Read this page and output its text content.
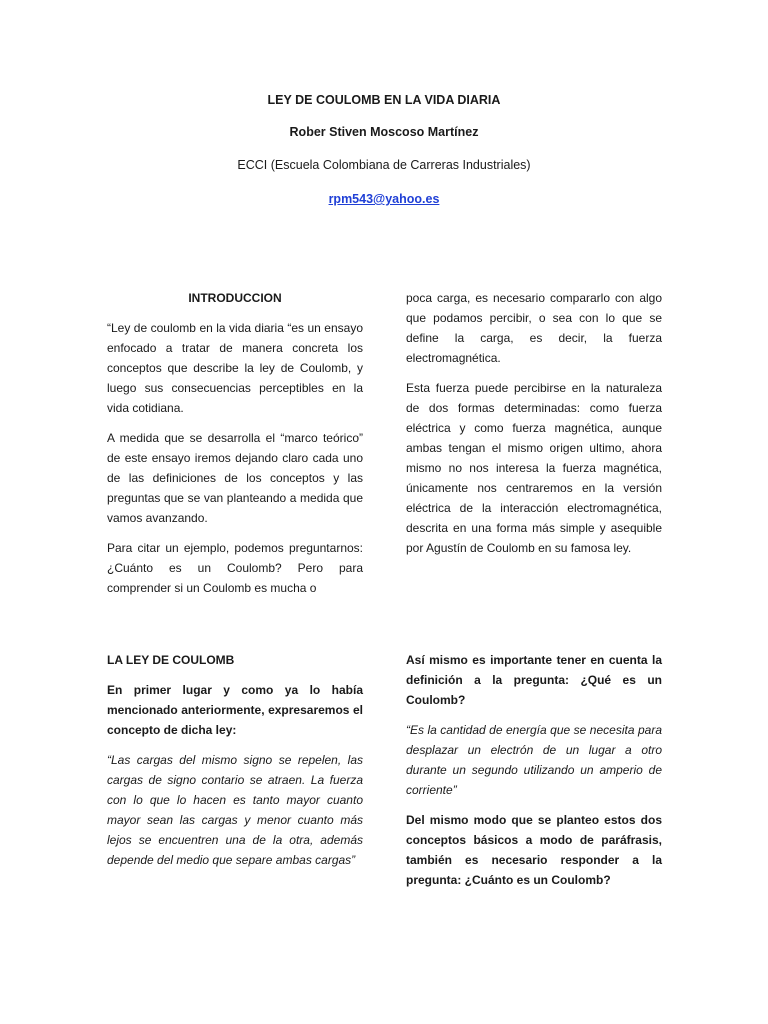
LEY DE COULOMB EN LA VIDA DIARIA
Rober Stiven Moscoso Martínez
ECCI (Escuela Colombiana de Carreras Industriales)
rpm543@yahoo.es
INTRODUCCION

“Ley de coulomb en la vida diaria “es un ensayo enfocado a tratar de manera concreta los conceptos que describe la ley de Coulomb, y luego sus consecuencias perceptibles en la vida cotidiana.

A medida que se desarrolla el “marco teórico” de este ensayo iremos dejando claro cada uno de las definiciones de los conceptos y las preguntas que se van planteando a medida que vamos avanzando.

Para citar un ejemplo, podemos preguntarnos: ¿Cuánto es un Coulomb? Pero para comprender si un Coulomb es mucha o

poca carga, es necesario compararlo con algo que podamos percibir, o sea con lo que se define la carga, es decir, la fuerza electromagnética.

Esta fuerza puede percibirse en la naturaleza de dos formas determinadas: como fuerza eléctrica y como fuerza magnética, aunque ambas tengan el mismo origen ultimo, ahora mismo no nos interesa la fuerza magnética, únicamente nos centraremos en la versión eléctrica de la interacción electromagnética, descrita en una forma más simple y asequible por Agustín de Coulomb en su famosa ley.

LA LEY DE COULOMB

En primer lugar y como ya lo había mencionado anteriormente, expresaremos el concepto de dicha ley:

“Las cargas del mismo signo se repelen, las cargas de signo contario se atraen. La fuerza con lo que lo hacen es tanto mayor cuanto mayor sean las cargas y menor cuanto más lejos se encuentren una de la otra, además depende del medio que separe ambas cargas”

Así mismo es importante tener en cuenta la definición a la pregunta: ¿Qué es un Coulomb?

“Es la cantidad de energía que se necesita para desplazar un electrón de un lugar a otro durante un segundo utilizando un amperio de corriente”

Del mismo modo que se planteo estos dos conceptos básicos a modo de paráfrasis, también es necesario responder a la pregunta: ¿Cuánto es un Coulomb?
